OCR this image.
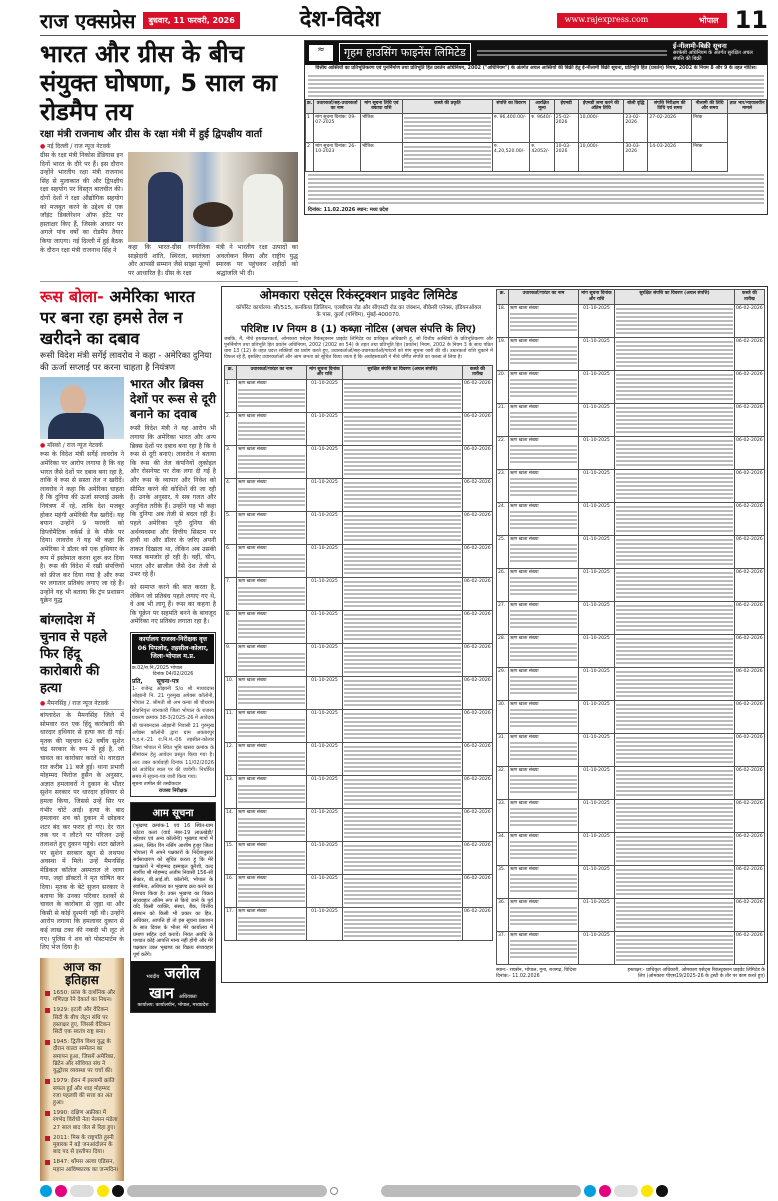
राज एक्सप्रेस	बुधवार, 11 फरवरी, 2026	देश-विदेश	www.rajexpress.com	भोपाल 11
भारत और ग्रीस के बीच संयुक्त घोषणा, 5 साल का रोडमैप तय
रक्षा मंत्री राजनाथ और ग्रीस के रक्षा मंत्री में हुई द्विपक्षीय वार्ता
● नई दिल्ली / राज न्यूज नेटवर्क
ग्रीस के रक्षा मंत्री निकोस डेंडियास इन दिनों भारत के दौरे पर हैं। इस दौरान उन्होंने भारतीय रक्षा मंत्री राजनाथ सिंह से मुलाकात की और द्विपक्षीय रक्षा सहयोग पर विस्तृत बातचीत की। दोनों देशों ने रक्षा औद्योगिक सहयोग को मजबूत करने के उद्देश्य से एक जॉइंट डिक्लेरेशन ऑफ इंटेंट पर हस्ताक्षर किए हैं, जिसके आधार पर अगले पांच वर्षों का रोडमैप तैयार किया जाएगा। नई दिल्ली में हुई बैठक के दौरान रक्षा मंत्री राजनाथ सिंह ने	कहा कि भारत-ग्रीस रणनीतिक साझेदारी शांति, स्थिरता, स्वतंत्रता और आपसी सम्मान जैसे साझा मूल्यों पर आधारित है। ग्रीस के रक्षा
मंत्री ने भारतीय रक्षा उत्पादों का अवलोकन किया और राष्ट्रीय युद्ध स्मारक पर पहुंचकर शहीदों को श्रद्धांजलि भी दी।
≈	गृहम हाउसिंग फाइनेंस लिमिटेड
ई-नीलामी-बिक्री सूचना
सरफेसी अधिनियम के अंतर्गत सुरक्षित अचल संपत्ति की बिक्री
वित्तीय आस्तियों का प्रतिभूतिकरण एवं पुनर्निर्माण तथा प्रतिभूति हित प्रवर्तन अधिनियम, 2002 ("अधिनियम") के अंतर्गत अचल आस्तियों की बिक्री हेतु ई-नीलामी बिक्री सूचना, प्रतिभूति हित (प्रवर्तन) नियम, 2002 के नियम 8 और 9 के तहत नोटिस।
क्र.	उधारकर्ता/सह-उधारकर्ता का नाम	मांग सूचना तिथि एवं बकाया राशि	कब्जे की प्रकृति	संपत्ति का विवरण	आरक्षित मूल्य	ईएमडी	ईएमडी जमा करने की अंतिम तिथि	बोली वृद्धि	संपत्ति निरीक्षण की तिथि एवं समय	नीलामी की तिथि और समय	ज्ञात भार/न्यायालयीन मामले
1	मांग सूचना दिनांक: 09-07-2025	भौतिक		रु. 96,400.00/-	रु. 9640/-	25-02-2026	10,000/-	23-02-2026	27-02-2026	निरंक	
2	मांग सूचना दिनांक: 26-10-2023	भौतिक		रु. 4,20,520.00/-	रु. 42052/-	10-03-2026	10,000/-	30-03-2026	14-03-2026	निरंक	
दिनांक: 11.02.2026 स्थान: मध्य प्रदेश
रूस बोला- अमेरिका भारत पर बना रहा हमसे तेल न खरीदने का दबाव
रूसी विदेश मंत्री सर्गेई लावरोव ने कहा - अमेरिका दुनिया की ऊर्जा सप्लाई पर करना चाहता है नियंत्रण
● मॉस्को / राज न्यूज नेटवर्क
रूस के विदेश मंत्री सर्गेई लावरोव ने अमेरिका पर आरोप लगाया है कि वह भारत जैसे देशों पर दबाव बना रहा है, ताकि वे रूस से सस्ता तेल न खरीदें। लावरोव ने कहा कि अमेरिका चाहता है कि दुनिया की ऊर्जा सप्लाई उसके नियंत्रण में रहे, ताकि देश मजबूर होकर महंगी अमेरिकी गैस खरीदें। यह बयान उन्होंने 9 फरवरी को डिप्लोमैटिक वर्कर्स डे के मौके पर दिया। लावरोव ने यह भी कहा कि अमेरिका ने डॉलर को एक हथियार के रूप में इस्तेमाल करना शुरू कर दिया है। रूस की विदेश में रखी संपत्तियों को फ्रीज कर दिया गया है और रूस पर लगातार प्रतिबंध लगाए जा रहे हैं। उन्होंने यह भी बताया कि ट्रंप प्रशासन यूक्रेन युद्ध
बांग्लादेश में चुनाव से पहले फिर हिंदू कारोबारी की हत्या
● मैमनसिंह / राज न्यूज नेटवर्क
बांग्लादेश के मैमनसिंह जिले में सोमवार रात एक हिंदू कारोबारी की धारदार हथियार से हत्या कर दी गई। मृतक की पहचान 62 वर्षीय सुशेन चंद्र सरकार के रूप में हुई है, जो चावल का कारोबार करते थे। वारदात रात करीब 11 बजे हुई। थाना प्रभारी मोहम्मद फिरोज हुसैन के अनुसार, अज्ञात हमलावरों ने दुकान के भीतर सुशेन सरकार पर धारदार हथियार से हमला किया, जिससे उन्हें सिर पर गंभीर चोटें आईं। हत्या के बाद हमलावर शव को दुकान में छोड़कर शटर बंद कर फरार हो गए। देर रात तक घर न लौटने पर परिजन उन्हें तलाशते हुए दुकान पहुंचे। शटर खोलने पर सुशेन सरकार खून से लथपथ अवस्था में मिले। उन्हें मैमनसिंह मेडिकल कॉलेज अस्पताल ले जाया गया, जहां डॉक्टरों ने मृत घोषित कर दिया। मृतक के बेटे सुजन सरकार ने बताया कि उनका परिवार दशकों से चावल के कारोबार से जुड़ा था और किसी से कोई दुश्मनी नहीं थी। उन्होंने आरोप लगाया कि हमलावर दुकान से कई लाख टका की नकदी भी लूट ले गए। पुलिस ने शव को पोस्टमार्टम के लिए भेज दिया है।
आज का इतिहास
1650: फ्रांस के दार्शनिक और गणितज्ञ रेने देकार्त का निधन।
1929: इटली और वेटिकन सिटी के बीच लेट्रन संधि पर हस्ताक्षर हुए, जिससे वेटिकन सिटी एक स्वतंत्र राष्ट्र बना।
1945: द्वितीय विश्व युद्ध के दौरान याल्टा सम्मेलन का समापन हुआ, जिसमें अमेरिका, ब्रिटेन और सोवियत संघ ने युद्धोत्तर व्यवस्था पर चर्चा की।
1979: ईरान में इस्लामी क्रांति सफल हुई और शाह मोहम्मद रजा पहलवी की सत्ता का अंत हुआ।
1990: दक्षिण अफ्रीका में रंगभेद विरोधी नेता नेल्सन मंडेला 27 साल बाद जेल से रिहा हुए।
2011: मिस्र के राष्ट्रपति हुस्नी मुबारक ने बड़े जनआंदोलन के बाद पद से इस्तीफा दिया।
1847: थॉमस अल्वा एडिसन, महान आविष्कारक का जन्मदिन।
भारत और ब्रिक्स देशों पर रूस से दूरी बनाने का दवाब
रूसी विदेश मंत्री ने यह आरोप भी लगाया कि अमेरिका भारत और अन्य ब्रिक्स देशों पर दबाव बना रहा है कि वे रूस से दूरी बनाएं। लावरोव ने बताया कि रूस की तेल कंपनियों लुकोइल और रोसनेफ्ट पर रोक लगा दी गई है और रूस के व्यापार और निवेश को सीमित करने की कोशिशें की जा रही हैं। उनके अनुसार, ये सब गलत और अनुचित तरीके हैं। उन्होंने यह भी कहा कि दुनिया अब तेजी से बदल रही है। पहले अमेरिका पूरी दुनिया की अर्थव्यवस्था और वित्तीय सिस्टम पर हावी था और डॉलर के जरिए अपनी ताकत दिखाता था, लेकिन अब उसकी पकड़ कमजोर हो रही है। वहीं, चीन, भारत और ब्राजील जैसे देश तेजी से उभर रहे हैं।
को समाप्त करने की बात करता है, लेकिन जो प्रतिबंध पहले लगाए गए थे, वे अब भी लागू हैं। रूस का कहना है कि यूक्रेन पर सहमति बनने के बावजूद अमेरिका नए प्रतिबंध लगाता रहा है।
कार्यालय राजस्व-निरीक्षक वृत्त 06 पिपलोद, तहसील-कोलार, जिला-भोपाल म.प्र.
क्र.02/रा.नि./2025 भोपाल
दिनांक 04/02/2026
प्रति, सूचना-पत्र
1- राजेन्द्र ओझानी S/o श्री माधवदास ओझानी नि. 21 गुरुमुख अपेक्स कॉलोनी, भोपाल 2. श्रीमती श्री अभ कन्या श्री चौधराम सेवानिवृत्त जानकारी जिला भोपाल के राजस्व प्रकरण क्रमांक 38-3/2025-26 में आवेदक श्री चानबनदास ओझानी निवासी 21 गुरुमुख अपेक्स कॉलोनी द्वारा ग्राम अकबरपुर प.ह.नं.-21 रा.नि.मं.-06 तहसील-कोलार जिला भोपाल में स्थित भूमि खसरा क्रमांक के सीमांकन हेतु आवेदन प्रस्तुत किया गया है। अतः उक्त कार्यवाही दिनांक 11/02/2026 को आवेदित स्थल पर की जावेगी। निर्धारित समय में सूचना-पत्र जारी किया गया।
सूचना तामील की तस्दीकदार
राजस्व निरीक्षक
आम सूचना
(भूखण्ड क्रमांक-1 एवं 16 स्थित-ग्राम कोटरा कलां (वार्ड नंबर-19 लाऊखेड़ी/महेश्वर एवं अन्य कॉलोनी) भूखण्ड मापों में अन्तर, स्थित रिंग नर्सिंग आशीष हुजूर जिला भोपाल) मैं अपने पक्षकारों के निर्देशानुसार सर्वसाधारण को सूचित करता हूं कि मेरे पक्षकारों ने मोहम्मद इस्माइल कुरैशी, वल्द स्वर्गीय श्री मोहम्मद अजीम निवासी 156-सी सेक्टर, बी.आई.जी. कॉलोनी, भोपाल के स्वामित्व, अधिपत्य का भूखण्ड क्रय करने का निश्चय किया है। उक्त भूखण्ड का विक्रय संव्यवहार अंतिम रूप से किये जाने के पूर्व यदि किसी व्यक्ति, संस्था, बैंक, वित्तीय संस्थान को किसी भी प्रकार का हित, अधिकार, आपत्ति हो तो इस सूचना प्रकाशन के सात दिवस के भीतर मेरे कार्यालय में प्रमाण सहित दर्ज करावें। नियत अवधि के पश्चात कोई आपत्ति मान्य नहीं होगी और मेरे पक्षकार उक्त भूखण्ड का विक्रय संव्यवहार पूर्ण करेंगे।
भवदीय जलील खान अधिवक्ता
कार्यालय: कार्यालयीन, भोपाल, मध्यप्रदेश
ओमकारा एसेट्स रिकंस्ट्रक्शन प्राइवेट लिमिटेड
कॉर्पोरेट कार्यालय: सी/515, कनकिया ज़िलियन, एलबीएस रोड और सीएसटी रोड का जंक्शन, बीकेसी एनेक्स, इंडियनऑयल के पास, कुर्ला (पश्चिम), मुंबई-400070.
परिशिष्ट IV नियम 8 (1) कब्ज़ा नोटिस (अचल संपत्ति के लिए)
जबकि, मैं, नीचे हस्ताक्षरकर्ता, ओमकारा एसेट्स रिकंस्ट्रक्शन प्राइवेट लिमिटेड का प्राधिकृत अधिकारी हूं, जो वित्तीय आस्तियों के प्रतिभूतिकरण और पुनर्निर्माण तथा प्रतिभूति हित प्रवर्तन अधिनियम, 2002 (2002 का 54) के तहत तथा प्रतिभूति हित (प्रवर्तन) नियम, 2002 के नियम 3 के साथ पठित धारा 13 (12) के तहत प्रदत्त शक्तियों का प्रयोग करते हुए, उधारकर्ताओं/सह-उधारकर्ताओं/गारंटरों को मांग सूचना जारी की थी। उधारकर्ता राशि चुकाने में विफल रहे हैं, इसलिए उधारकर्ताओं और आम जनता को सूचित किया जाता है कि अधोहस्ताक्षरी ने नीचे वर्णित संपत्ति का कब्जा ले लिया है।
क्र.	उधारकर्ता/गारंटर का नाम	मांग सूचना दिनांक और राशि	सुरक्षित संपत्ति का विवरण (अचल संपत्ति)	कब्जे की तारीख
1.	ऋण खाता संख्या	01-10-2025		06-02-2026

2.	ऋण खाता संख्या	01-10-2025		06-02-2026

3.	ऋण खाता संख्या	01-10-2025		06-02-2026

4.	ऋण खाता संख्या	01-10-2025		06-02-2026

5.	ऋण खाता संख्या	01-10-2025		06-02-2026

6.	ऋण खाता संख्या	01-10-2025		06-02-2026

7.	ऋण खाता संख्या	01-10-2025		06-02-2026

8.	ऋण खाता संख्या	01-10-2025		06-02-2026

9.	ऋण खाता संख्या	01-10-2025		06-02-2026

10.	ऋण खाता संख्या	01-10-2025		06-02-2026

11.	ऋण खाता संख्या	01-10-2025		06-02-2026

12.	ऋण खाता संख्या	01-10-2025		06-02-2026

13.	ऋण खाता संख्या	01-10-2025		06-02-2026

14.	ऋण खाता संख्या	01-10-2025		06-02-2026

15.	ऋण खाता संख्या	01-10-2025		06-02-2026

16.	ऋण खाता संख्या	01-10-2025		06-02-2026

17.	ऋण खाता संख्या	01-10-2025		06-02-2026
क्र.	उधारकर्ता/गारंटर का नाम	मांग सूचना दिनांक और राशि	सुरक्षित संपत्ति का विवरण (अचल संपत्ति)	कब्जे की तारीख
18.	ऋण खाता संख्या	01-10-2025		06-02-2026

19.	ऋण खाता संख्या	01-10-2025		06-02-2026

20.	ऋण खाता संख्या	01-10-2025		06-02-2026

21.	ऋण खाता संख्या	01-10-2025		06-02-2026

22.	ऋण खाता संख्या	01-10-2025		06-02-2026

23.	ऋण खाता संख्या	01-10-2025		06-02-2026

24.	ऋण खाता संख्या	01-10-2025		06-02-2026

25.	ऋण खाता संख्या	01-10-2025		06-02-2026

26.	ऋण खाता संख्या	01-10-2025		06-02-2026

27.	ऋण खाता संख्या	01-10-2025		06-02-2026

28.	ऋण खाता संख्या	01-10-2025		06-02-2026

29.	ऋण खाता संख्या	01-10-2025		06-02-2026

30.	ऋण खाता संख्या	01-10-2025		06-02-2026

31.	ऋण खाता संख्या	01-10-2025		06-02-2026

32.	ऋण खाता संख्या	01-10-2025		06-02-2026

33.	ऋण खाता संख्या	01-10-2025		06-02-2026

34.	ऋण खाता संख्या	01-10-2025		06-02-2026

35.	ऋण खाता संख्या	01-10-2025		06-02-2026

36.	ऋण खाता संख्या	01-10-2025		06-02-2026

37.	ऋण खाता संख्या	01-10-2025		06-02-2026
स्थान:- रायसेन, भोपाल, गुना, राजगढ़, विदिशा
दिनांक:- 11.02.2026
हस्ताक्षर:- प्राधिकृत अधिकारी, ओमकारा एसेट्स रिकंस्ट्रक्शन प्राइवेट लिमिटेड के लिए (ओमकारा पीएस19/2025-26 के ट्रस्टी के तौर पर काम करते हुए)
